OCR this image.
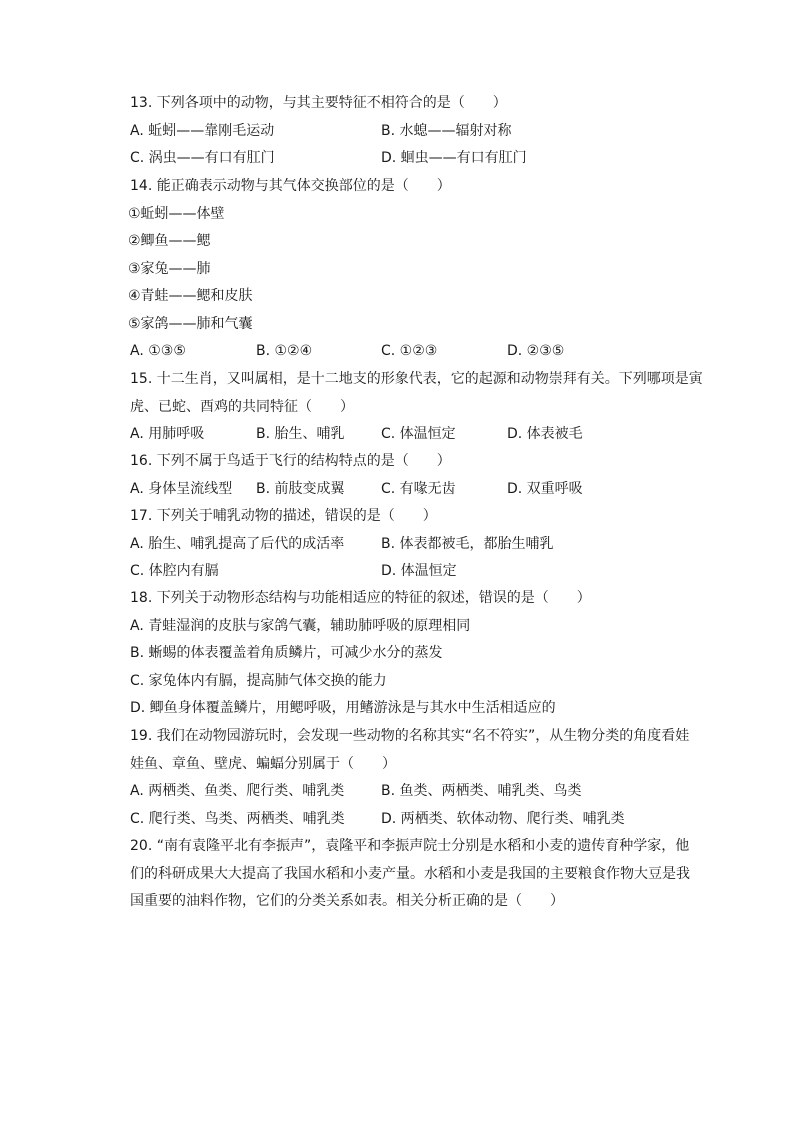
13. 下列各项中的动物，与其主要特征不相符合的是（　　）
A. 蚯蚓——靠刚毛运动	B. 水螅——辐射对称
C. 涡虫——有口有肛门	D. 蛔虫——有口有肛门
14. 能正确表示动物与其气体交换部位的是（　　）
①蚯蚓——体壁
②鲫鱼——鳃
③家兔——肺
④青蛙——鳃和皮肤
⑤家鸽——肺和气囊
A. ①③⑤	B. ①②④	C. ①②③	D. ②③⑤
15. 十二生肖，又叫属相，是十二地支的形象代表，它的起源和动物崇拜有关。下列哪项是寅
虎、已蛇、酉鸡的共同特征（　　）
A. 用肺呼吸	B. 胎生、哺乳	C. 体温恒定	D. 体表被毛
16. 下列不属于鸟适于飞行的结构特点的是（　　）
A. 身体呈流线型 B. 前肢变成翼	C. 有喙无齿	D. 双重呼吸
17. 下列关于哺乳动物的描述，错误的是（　　）
A. 胎生、哺乳提高了后代的成活率	B. 体表都被毛，都胎生哺乳
C. 体腔内有膈	D. 体温恒定
18. 下列关于动物形态结构与功能相适应的特征的叙述，错误的是（　　）
A. 青蛙湿润的皮肤与家鸽气囊，辅助肺呼吸的原理相同
B. 蜥蜴的体表覆盖着角质鳞片，可减少水分的蒸发
C. 家兔体内有膈，提高肺气体交换的能力
D. 鲫鱼身体覆盖鳞片，用鳃呼吸，用鳍游泳是与其水中生活相适应的
19. 我们在动物园游玩时，会发现一些动物的名称其实“名不符实”，从生物分类的角度看娃
娃鱼、章鱼、壁虎、蝙蝠分别属于（　　）
A. 两栖类、鱼类、爬行类、哺乳类	B. 鱼类、两栖类、哺乳类、鸟类
C. 爬行类、鸟类、两栖类、哺乳类	D. 两栖类、软体动物、爬行类、哺乳类
20. “南有袁隆平北有李振声”，袁隆平和李振声院士分别是水稻和小麦的遗传育种学家，他
们的科研成果大大提高了我国水稻和小麦产量。水稻和小麦是我国的主要粮食作物大豆是我
国重要的油料作物，它们的分类关系如表。相关分析正确的是（　　）
